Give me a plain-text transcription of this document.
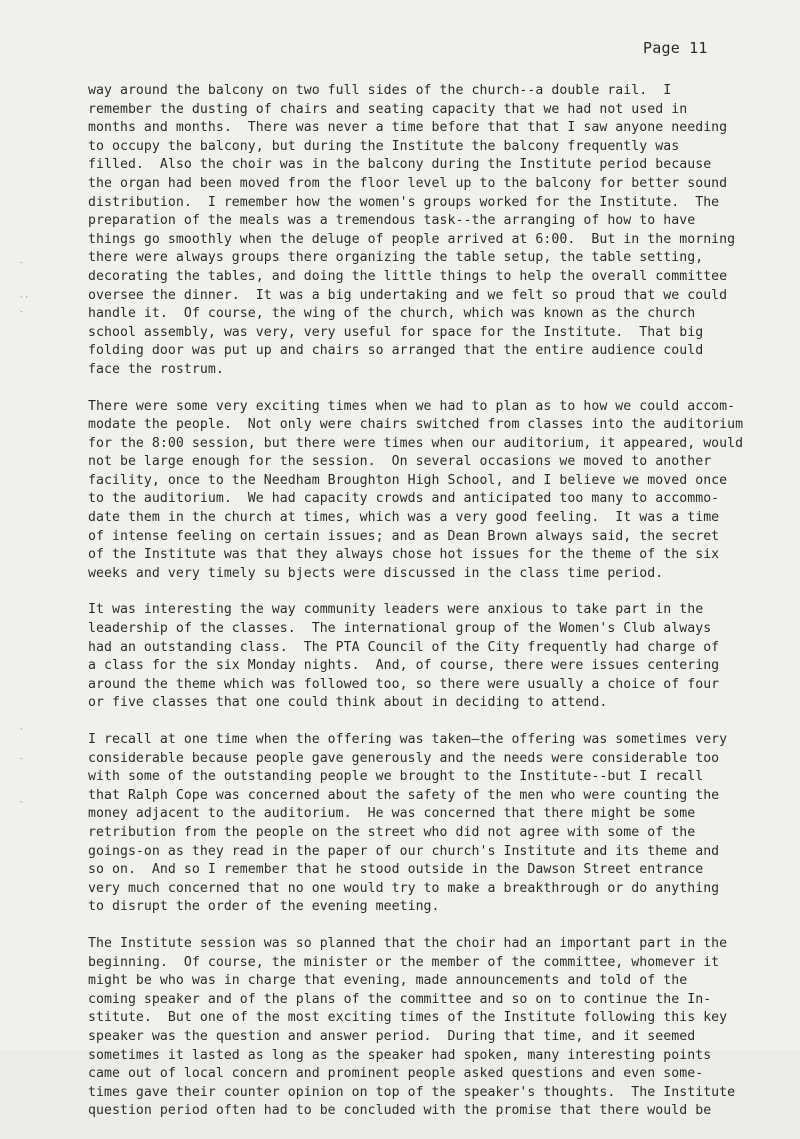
Page 11
-
' '
-
'
-
-
way around the balcony on two full sides of the church--a double rail.  I
remember the dusting of chairs and seating capacity that we had not used in
months and months.  There was never a time before that that I saw anyone needing
to occupy the balcony, but during the Institute the balcony frequently was
filled.  Also the choir was in the balcony during the Institute period because
the organ had been moved from the floor level up to the balcony for better sound
distribution.  I remember how the women's groups worked for the Institute.  The
preparation of the meals was a tremendous task--the arranging of how to have
things go smoothly when the deluge of people arrived at 6:00.  But in the morning
there were always groups there organizing the table setup, the table setting,
decorating the tables, and doing the little things to help the overall committee
oversee the dinner.  It was a big undertaking and we felt so proud that we could
handle it.  Of course, the wing of the church, which was known as the church
school assembly, was very, very useful for space for the Institute.  That big
folding door was put up and chairs so arranged that the entire audience could
face the rostrum.
There were some very exciting times when we had to plan as to how we could accom-
modate the people.  Not only were chairs switched from classes into the auditorium
for the 8:00 session, but there were times when our auditorium, it appeared, would
not be large enough for the session.  On several occasions we moved to another
facility, once to the Needham Broughton High School, and I believe we moved once
to the auditorium.  We had capacity crowds and anticipated too many to accommo-
date them in the church at times, which was a very good feeling.  It was a time
of intense feeling on certain issues; and as Dean Brown always said, the secret
of the Institute was that they always chose hot issues for the theme of the six
weeks and very timely su bjects were discussed in the class time period.
It was interesting the way community leaders were anxious to take part in the
leadership of the classes.  The international group of the Women's Club always
had an outstanding class.  The PTA Council of the City frequently had charge of
a class for the six Monday nights.  And, of course, there were issues centering
around the theme which was followed too, so there were usually a choice of four
or five classes that one could think about in deciding to attend.
I recall at one time when the offering was taken—the offering was sometimes very
considerable because people gave generously and the needs were considerable too
with some of the outstanding people we brought to the Institute--but I recall
that Ralph Cope was concerned about the safety of the men who were counting the
money adjacent to the auditorium.  He was concerned that there might be some
retribution from the people on the street who did not agree with some of the
goings-on as they read in the paper of our church's Institute and its theme and
so on.  And so I remember that he stood outside in the Dawson Street entrance
very much concerned that no one would try to make a breakthrough or do anything
to disrupt the order of the evening meeting.
The Institute session was so planned that the choir had an important part in the
beginning.  Of course, the minister or the member of the committee, whomever it
might be who was in charge that evening, made announcements and told of the
coming speaker and of the plans of the committee and so on to continue the In-
stitute.  But one of the most exciting times of the Institute following this key
speaker was the question and answer period.  During that time, and it seemed
sometimes it lasted as long as the speaker had spoken, many interesting points
came out of local concern and prominent people asked questions and even some-
times gave their counter opinion on top of the speaker's thoughts.  The Institute
question period often had to be concluded with the promise that there would be
